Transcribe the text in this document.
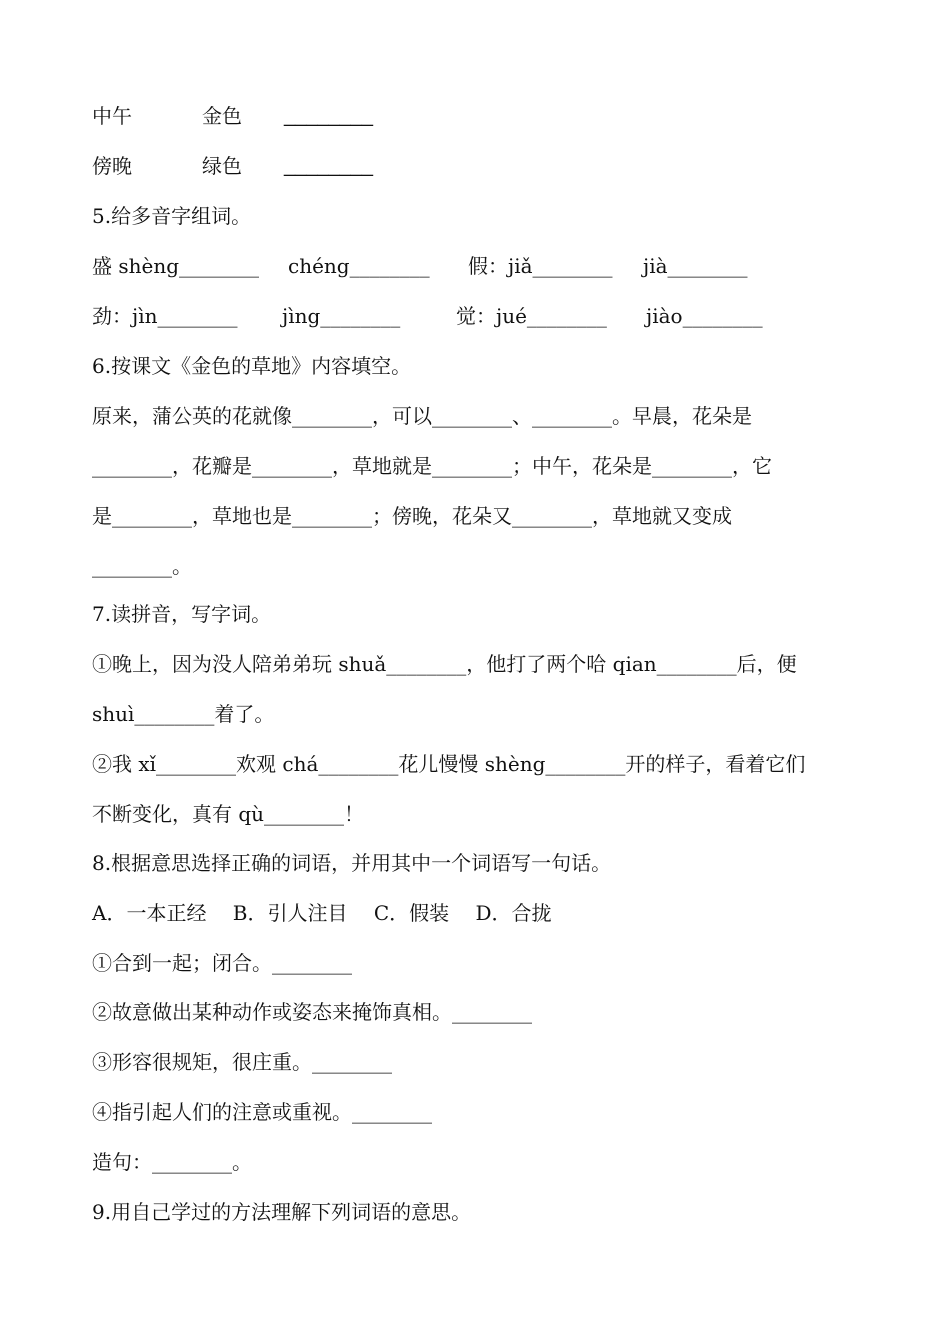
中午	金色 ________
傍晚	绿色 ________
5.给多音字组词。
盛 shèng________ chéng________ 假：jiǎ________ jià________
劲：jìn________ jìng________	觉：jué________ jiào________
6.按课文《金色的草地》内容填空。
原来，蒲公英的花就像________，可以________、________。早晨，花朵是
________，花瓣是________，草地就是________；中午，花朵是________，它
是________，草地也是________；傍晚，花朵又________，草地就又变成
________。
7.读拼音，写字词。
①晚上，因为没人陪弟弟玩 shuǎ________，他打了两个哈 qian________后，便
shuì________着了。
②我 xǐ________欢观 chá________花儿慢慢 shèng________开的样子，看着它们
不断变化，真有 qù________！
8.根据意思选择正确的词语，并用其中一个词语写一句话。
A．一本正经　 B．引人注目　 C．假装　 D．合拢
①合到一起；闭合。________
②故意做出某种动作或姿态来掩饰真相。________
③形容很规矩，很庄重。________
④指引起人们的注意或重视。________
造句：________。
9.用自己学过的方法理解下列词语的意思。
